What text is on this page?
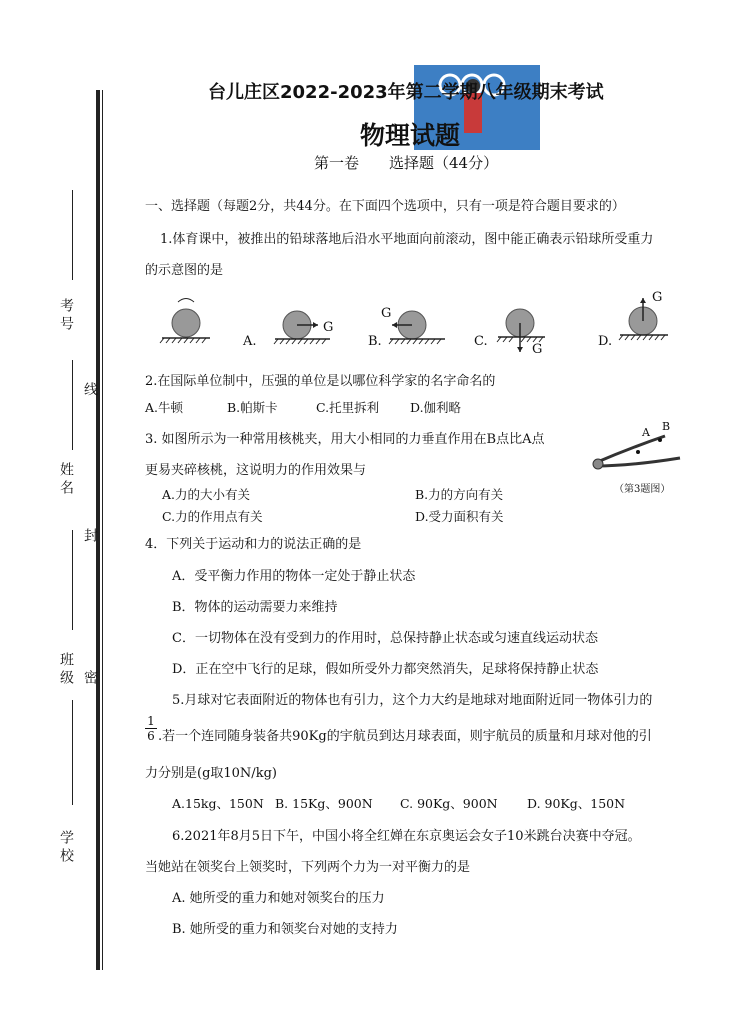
考号
线
姓名
封
班级 密
学校
台儿庄区2022-2023年第二学期八年级期末考试
物理试题
第一卷　　选择题（44分）
一、选择题（每题2分，共44分。在下面四个选项中，只有一项是符合题目要求的）
1.体育课中，被推出的铅球落地后沿水平地面向前滚动，图中能正确表示铅球所受重力
的示意图的是
G
G
G
G
A.	B.	C.	D.
2.在国际单位制中，压强的单位是以哪位科学家的名字命名的
A.牛顿	B.帕斯卡	C.托里拆利 D.伽利略
3. 如图所示为一种常用核桃夹，用大小相同的力垂直作用在B点比A点
更易夹碎核桃，这说明力的作用效果与
A B
（第3题图）
A.力的大小有关	B.力的方向有关
C.力的作用点有关	D.受力面积有关
4．下列关于运动和力的说法正确的是
A．受平衡力作用的物体一定处于静止状态
B．物体的运动需要力来维持
C．一切物体在没有受到力的作用时，总保持静止状态或匀速直线运动状态
D．正在空中飞行的足球，假如所受外力都突然消失，足球将保持静止状态
5.月球对它表面附近的物体也有引力，这个力大约是地球对地面附近同一物体引力的
$\frac{1}{6}$ .若一个连同随身装备共90Kg的宇航员到达月球表面，则宇航员的质量和月球对他的引
力分别是(g取10N/kg)
A.15kg、150N B. 15Kg、900N C. 90Kg、900N D. 90Kg、150N
6.2021年8月5日下午，中国小将全红婵在东京奥运会女子10米跳台决赛中夺冠。
当她站在领奖台上领奖时，下列两个力为一对平衡力的是
A. 她所受的重力和她对领奖台的压力
B. 她所受的重力和领奖台对她的支持力
